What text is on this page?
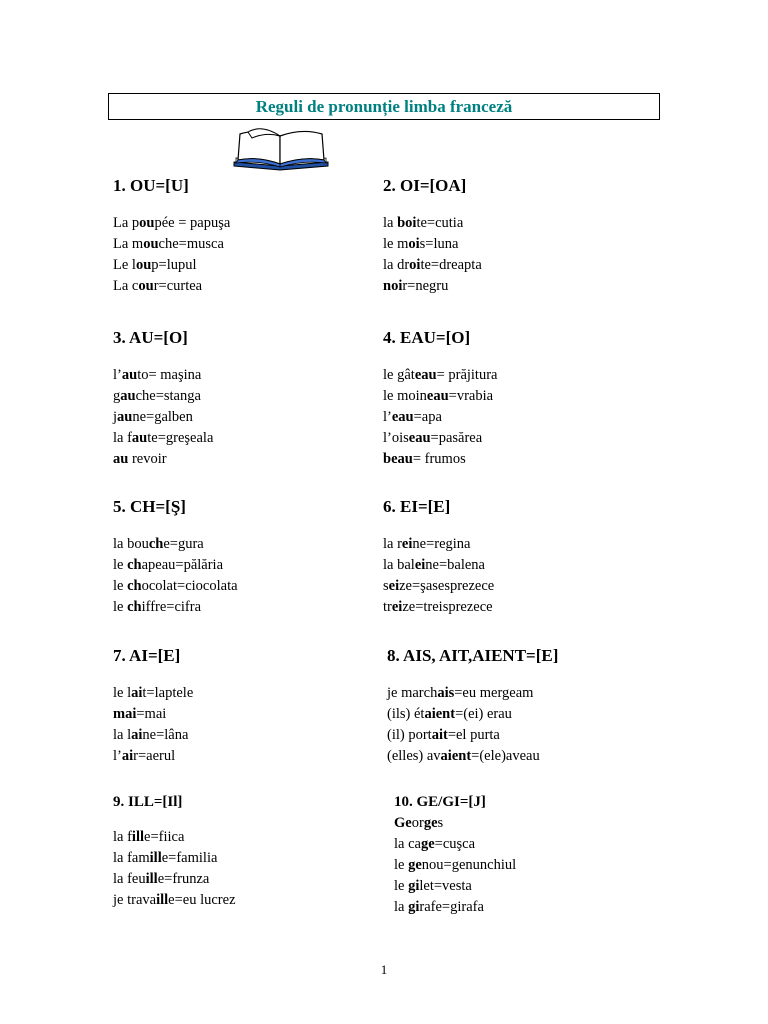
Reguli de pronunție limba franceză
1. OU=[U]
La poupée = papuşa
La mouche=musca
Le loup=lupul
La cour=curtea
2. OI=[OA]
la boite=cutia
le mois=luna
la droite=dreapta
noir=negru
3. AU=[O]
l’auto= maşina
gauche=stanga
jaune=galben
la faute=greşeala
au revoir
4. EAU=[O]
le gâteau= prăjitura
le moineau=vrabia
l’eau=apa
l’oiseau=pasărea
beau= frumos
5. CH=[Ş]
la bouche=gura
le chapeau=pălăria
le chocolat=ciocolata
le chiffre=cifra
6. EI=[E]
la reine=regina
la baleine=balena
seize=şasesprezece
treize=treisprezece
7. AI=[E]
le lait=laptele
mai=mai
la laine=lâna
l’air=aerul
8. AIS, AIT,AIENT=[E]
je marchais=eu mergeam
(ils) étaient=(ei) erau
(il) portait=el purta
(elles) avaient=(ele)aveau
9. ILL=[Il]
la fille=fiica
la famille=familia
la feuille=frunza
je travaille=eu lucrez
10. GE/GI=[J]
Georges
la cage=cuşca
le genou=genunchiul
le gilet=vesta
la girafe=girafa
1
